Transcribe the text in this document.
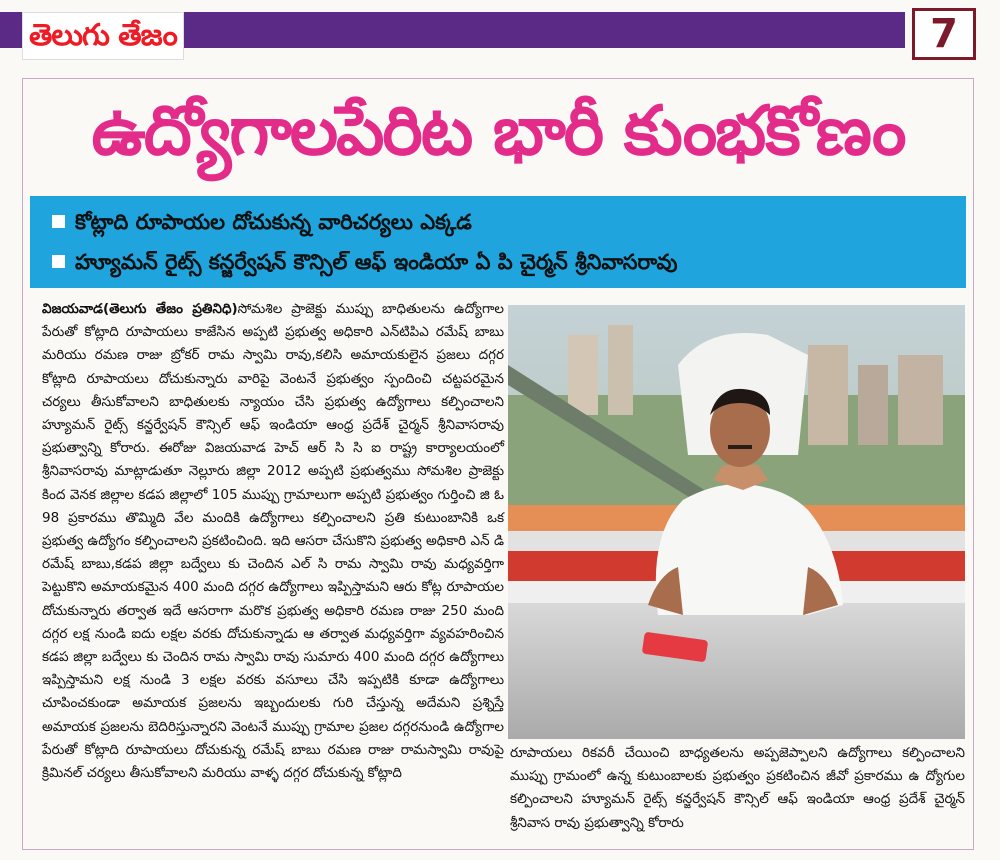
తెలుగు తేజం	7
ఉద్యోగాలపేరిట భారీ కుంభకోణం
కోట్లాది రూపాయల దోచుకున్న వారిచర్యలు ఎక్కడ
హ్యూమన్ రైట్స్ కన్జర్వేషన్ కౌన్సిల్ ఆఫ్ ఇండియా ఏ పి చైర్మన్ శ్రీనివాసరావు
విజయవాడ(తెలుగు తేజం ప్రతినిధి)సోమశిల ప్రాజెక్టు ముప్పు బాధితులను ఉద్యోగాల పేరుతో కోట్లాది రూపాయలు కాజేసిన అప్పటి ప్రభుత్వ అధికారి ఎన్‌టిపిఎ రమేష్ బాబు మరియు రమణ రాజు బ్రోకర్ రామ స్వామి రావు,కలిసి అమాయకులైన ప్రజలు దగ్గర కోట్లాది రూపాయలు దోచుకున్నారు వారిపై వెంటనే ప్రభుత్వం స్పందించి చట్టపరమైన చర్యలు తీసుకోవాలని బాధితులకు న్యాయం చేసి ప్రభుత్వ ఉద్యోగాలు కల్పించాలని హ్యూమన్ రైట్స్ కన్జర్వేషన్ కౌన్సిల్ ఆఫ్ ఇండియా ఆంధ్ర ప్రదేశ్ చైర్మన్ శ్రీనివాసరావు ప్రభుత్వాన్ని కోరారు. ఈరోజు విజయవాడ హెచ్ ఆర్ సి సి ఐ రాష్ట్ర కార్యాలయంలో శ్రీనివాసరావు మాట్లాడుతూ నెల్లూరు జిల్లా 2012 అప్పటి ప్రభుత్వము సోమశిల ప్రాజెక్టు కింద వెనక జిల్లాల కడప జిల్లాలో 105 ముప్పు గ్రామాలుగా అప్పటి ప్రభుత్వం గుర్తించి జి ఓ 98 ప్రకారము తొమ్మిది వేల మందికి ఉద్యోగాలు కల్పించాలని ప్రతి కుటుంబానికి ఒక ప్రభుత్వ ఉద్యోగం కల్పించాలని ప్రకటించింది. ఇది ఆసరా చేసుకొని ప్రభుత్వ అధికారి ఎన్ డి రమేష్ బాబు,కడప జిల్లా బద్వేలు కు చెందిన ఎల్ సి రామ స్వామి రావు మధ్యవర్తిగా పెట్టుకొని అమాయకమైన 400 మంది దగ్గర ఉద్యోగాలు ఇప్పిస్తామని ఆరు కోట్ల రూపాయల దోచుకున్నారు తర్వాత ఇదే ఆసరాగా మరొక ప్రభుత్వ అధికారి రమణ రాజు 250 మంది దగ్గర లక్ష నుండి ఐదు లక్షల వరకు దోచుకున్నాడు ఆ తర్వాత మధ్యవర్తిగా వ్యవహరించిన కడప జిల్లా బద్వేలు కు చెందిన రామ స్వామి రావు సుమారు 400 మంది దగ్గర ఉద్యోగాలు ఇప్పిస్తామని లక్ష నుండి 3 లక్షల వరకు వసూలు చేసి ఇప్పటికి కూడా ఉద్యోగాలు చూపించకుండా అమాయక ప్రజలను ఇబ్బందులకు గురి చేస్తున్న అదేమని ప్రశ్నిస్తే అమాయక ప్రజలను బెదిరిస్తున్నారని వెంటనే ముప్పు గ్రామాల ప్రజల దగ్గరనుండి ఉద్యోగాల పేరుతో కోట్లాది రూపాయలు దోచుకున్న రమేష్ బాబు రమణ రాజు రామస్వామి రావుపై క్రిమినల్ చర్యలు తీసుకోవాలని మరియు వాళ్ళ దగ్గర దోచుకున్న కోట్లాది
రూపాయలు రికవరీ చేయించి బాధ్యతలను అప్పజెప్పాలని ఉద్యోగాలు కల్పించాలని ముప్పు గ్రామంలో ఉన్న కుటుంబాలకు ప్రభుత్వం ప్రకటించిన జీవో ప్రకారము ఉ ద్యోగుల కల్పించాలని హ్యూమన్ రైట్స్ కన్జర్వేషన్ కౌన్సిల్ ఆఫ్ ఇండియా ఆంధ్ర ప్రదేశ్ చైర్మన్ శ్రీనివాస రావు ప్రభుత్వాన్ని కోరారు
